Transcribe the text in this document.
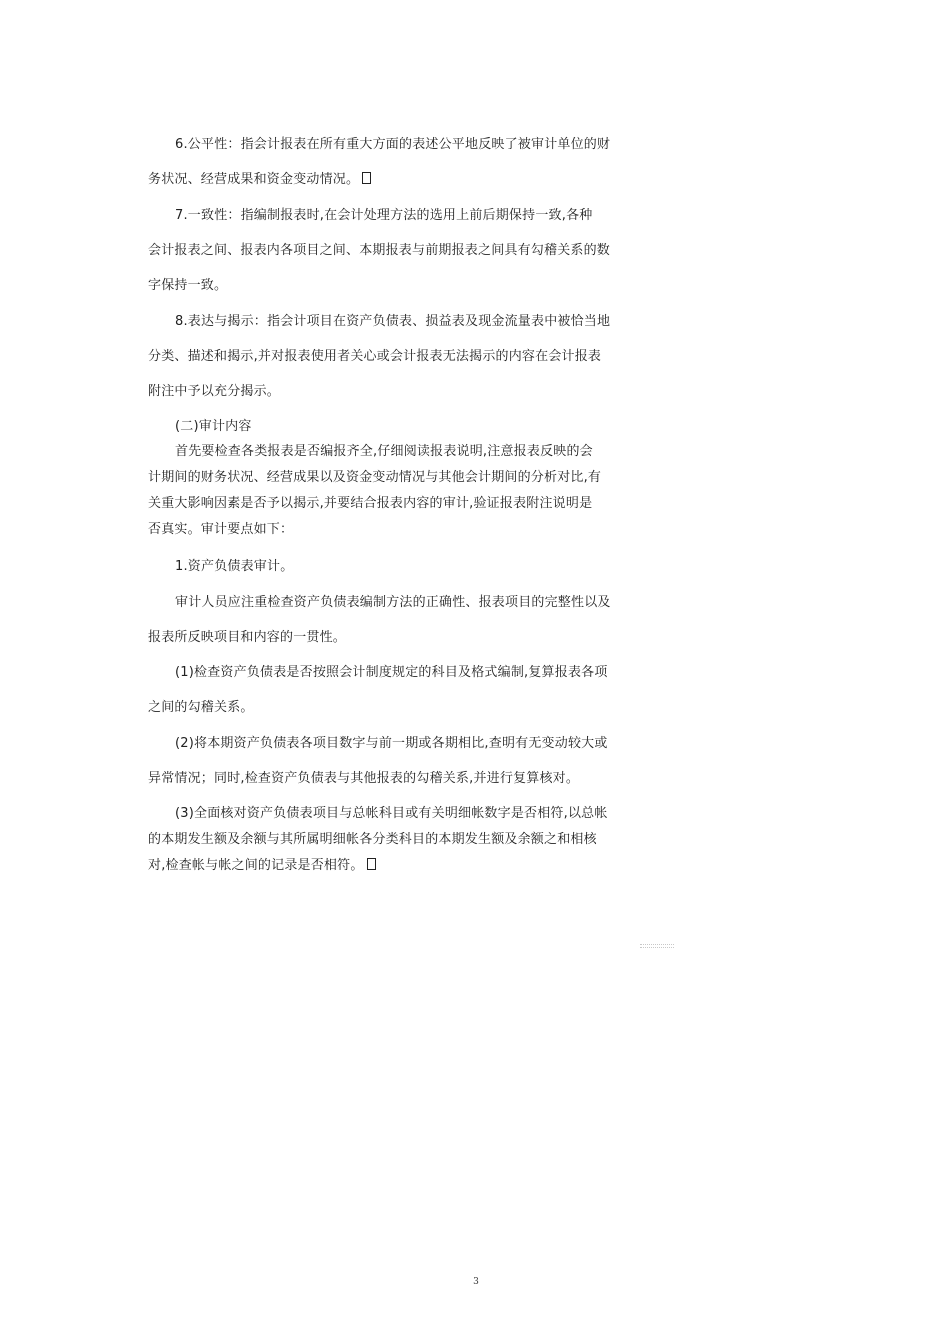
6.公平性：指会计报表在所有重大方面的表述公平地反映了被审计单位的财
务状况、经营成果和资金变动情况。
7.一致性：指编制报表时,在会计处理方法的选用上前后期保持一致,各种
会计报表之间、报表内各项目之间、本期报表与前期报表之间具有勾稽关系的数
字保持一致。
8.表达与揭示：指会计项目在资产负债表、损益表及现金流量表中被恰当地
分类、描述和揭示,并对报表使用者关心或会计报表无法揭示的内容在会计报表
附注中予以充分揭示。
(二)审计内容
首先要检查各类报表是否编报齐全,仔细阅读报表说明,注意报表反映的会
计期间的财务状况、经营成果以及资金变动情况与其他会计期间的分析对比,有
关重大影响因素是否予以揭示,并要结合报表内容的审计,验证报表附注说明是
否真实。审计要点如下：
1.资产负债表审计。
审计人员应注重检查资产负债表编制方法的正确性、报表项目的完整性以及
报表所反映项目和内容的一贯性。
(1)检查资产负债表是否按照会计制度规定的科目及格式编制,复算报表各项
之间的勾稽关系。
(2)将本期资产负债表各项目数字与前一期或各期相比,查明有无变动较大或
异常情况；同时,检查资产负债表与其他报表的勾稽关系,并进行复算核对。
(3)全面核对资产负债表项目与总帐科目或有关明细帐数字是否相符,以总帐
的本期发生额及余额与其所属明细帐各分类科目的本期发生额及余额之和相核
对,检查帐与帐之间的记录是否相符。
3
